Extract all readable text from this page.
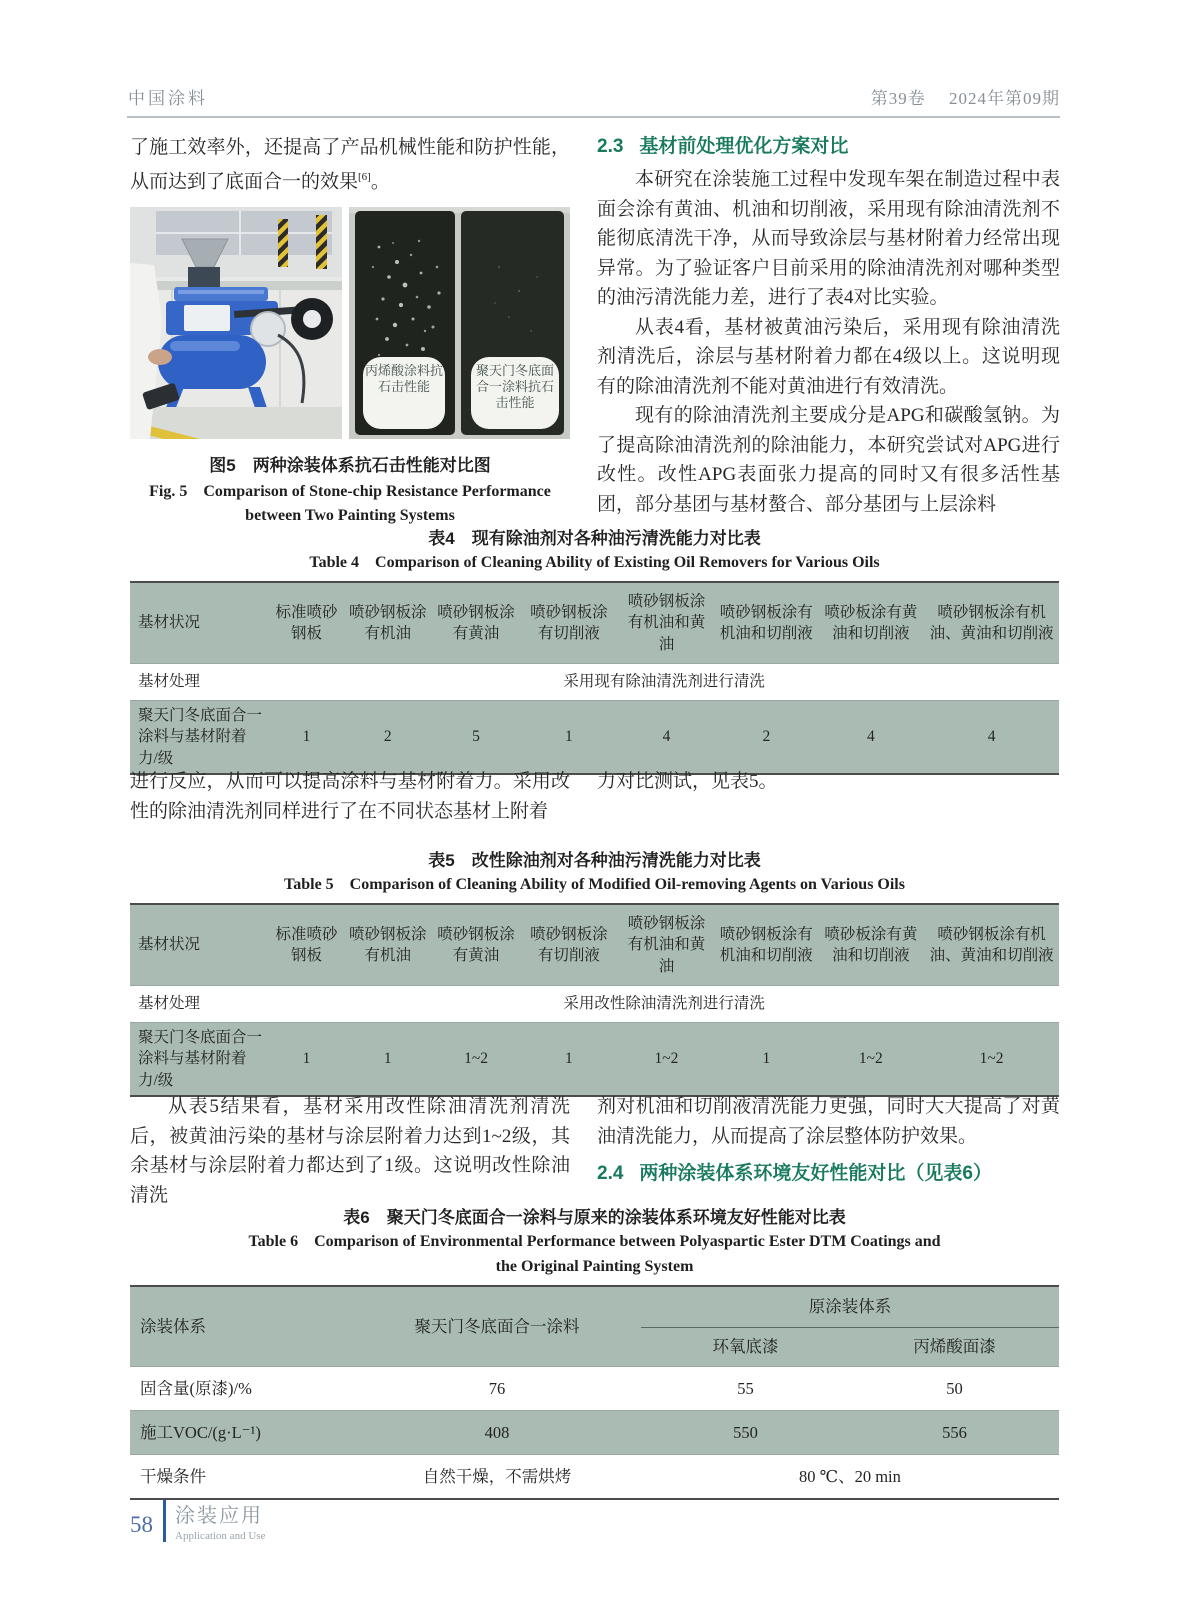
中国涂料	第39卷 2024年第09期

了施工效率外，还提高了产品机械性能和防护性能，从而达到了底面合一的效果[6]。

丙烯酸涂料抗石击性能
聚天门冬底面合一涂料抗石击性能
图5　两种涂装体系抗石击性能对比图
Fig. 5　Comparison of Stone-chip Resistance Performance
between Two Painting Systems

2.3 基材前处理优化方案对比

本研究在涂装施工过程中发现车架在制造过程中表面会涂有黄油、机油和切削液，采用现有除油清洗剂不能彻底清洗干净，从而导致涂层与基材附着力经常出现异常。为了验证客户目前采用的除油清洗剂对哪种类型的油污清洗能力差，进行了表4对比实验。

从表4看，基材被黄油污染后，采用现有除油清洗剂清洗后，涂层与基材附着力都在4级以上。这说明现有的除油清洗剂不能对黄油进行有效清洗。

现有的除油清洗剂主要成分是APG和碳酸氢钠。为了提高除油清洗剂的除油能力，本研究尝试对APG进行改性。改性APG表面张力提高的同时又有很多活性基团，部分基团与基材螯合、部分基团与上层涂料

表4　现有除油剂对各种油污清洗能力对比表
Table 4　Comparison of Cleaning Ability of Existing Oil Removers for Various Oils
基材状况	标准喷砂钢板	喷砂钢板涂有机油	喷砂钢板涂有黄油	喷砂钢板涂有切削液	喷砂钢板涂有机油和黄油	喷砂钢板涂有机油和切削液	喷砂板涂有黄油和切削液	喷砂钢板涂有机油、黄油和切削液
基材处理	采用现有除油清洗剂进行清洗							
聚天门冬底面合一涂料与基材附着力/级	1	2	5	1	4	2	4	4

进行反应，从而可以提高涂料与基材附着力。采用改性的除油清洗剂同样进行了在不同状态基材上附着

力对比测试，见表5。

表5　改性除油剂对各种油污清洗能力对比表
Table 5　Comparison of Cleaning Ability of Modified Oil-removing Agents on Various Oils
基材状况	标准喷砂钢板	喷砂钢板涂有机油	喷砂钢板涂有黄油	喷砂钢板涂有切削液	喷砂钢板涂有机油和黄油	喷砂钢板涂有机油和切削液	喷砂板涂有黄油和切削液	喷砂钢板涂有机油、黄油和切削液
基材处理	采用改性除油清洗剂进行清洗							
聚天门冬底面合一涂料与基材附着力/级	1	1	1~2	1	1~2	1	1~2	1~2

从表5结果看，基材采用改性除油清洗剂清洗后，被黄油污染的基材与涂层附着力达到1~2级，其余基材与涂层附着力都达到了1级。这说明改性除油清洗

剂对机油和切削液清洗能力更强，同时大大提高了对黄油清洗能力，从而提高了涂层整体防护效果。

2.4 两种涂装体系环境友好性能对比（见表6）

表6　聚天门冬底面合一涂料与原来的涂装体系环境友好性能对比表
Table 6　Comparison of Environmental Performance between Polyaspartic Ester DTM Coatings and
the Original Painting System
涂装体系	聚天门冬底面合一涂料	原涂装体系	
		环氧底漆	丙烯酸面漆
固含量(原漆)/%	76	55	50
施工VOC/(g·L⁻¹)	408	550	556
干燥条件	自然干燥，不需烘烤	80 ℃、20 min	
58 涂装应用
Application and Use
